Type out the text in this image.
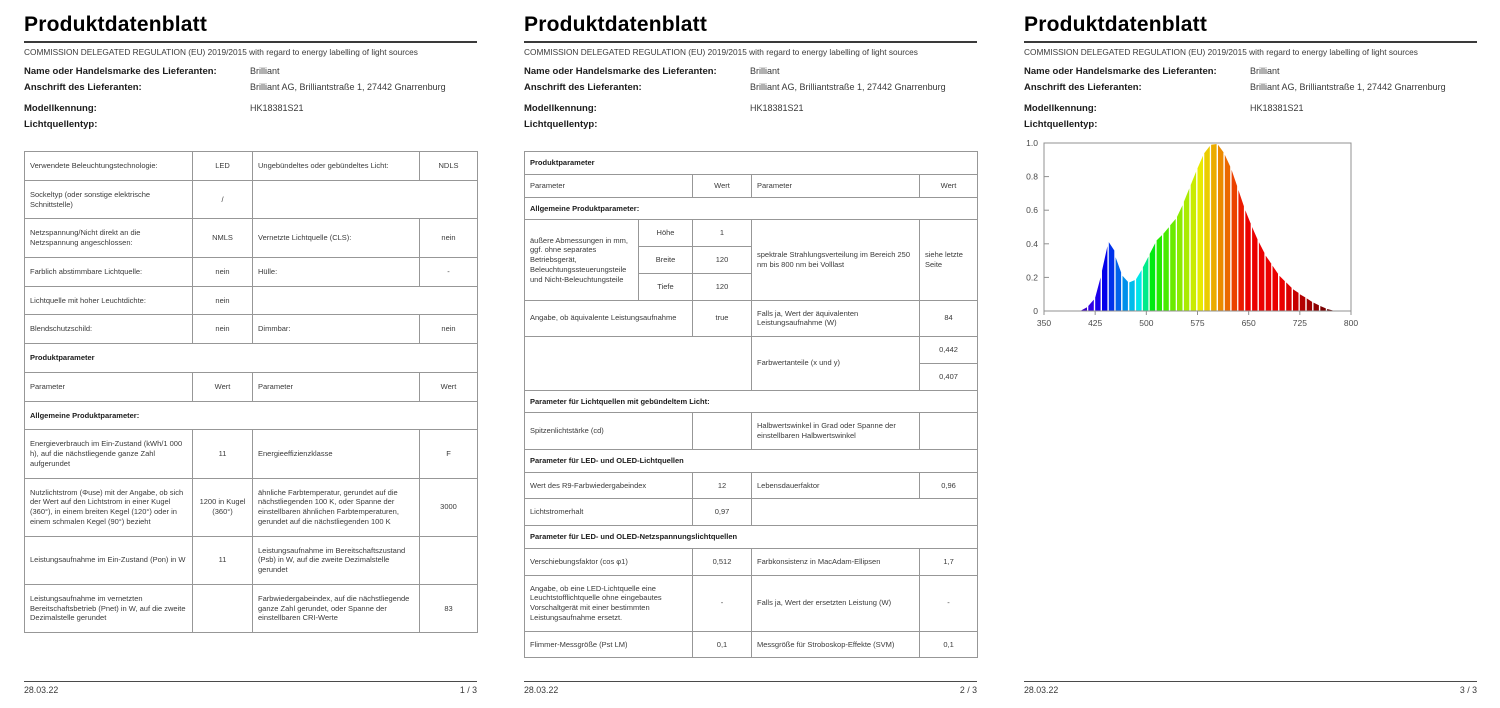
Produktdatenblatt
COMMISSION DELEGATED REGULATION (EU) 2019/2015 with regard to energy labelling of light sources
Name oder Handelsmarke des Lieferanten:	Brilliant
Anschrift des Lieferanten:	Brilliant AG, Brilliantstraße 1, 27442 Gnarrenburg
Modellkennung:	HK18381S21
Lichtquellentyp:
Verwendete Beleuchtungstechnologie:	LED	Ungebündeltes oder gebündeltes Licht:	NDLS
Sockeltyp (oder sonstige elektrische Schnittstelle)	/		
Netzspannung/Nicht direkt an die Netzspannung angeschlossen:	NMLS	Vernetzte Lichtquelle (CLS):	nein
Farblich abstimmbare Lichtquelle:	nein	Hülle:	-
Lichtquelle mit hoher Leuchtdichte:	nein		
Blendschutzschild:	nein	Dimmbar:	nein
Produktparameter			
Parameter	Wert	Parameter	Wert
Allgemeine Produktparameter:			
Energieverbrauch im Ein-Zustand (kWh/1 000 h), auf die nächstliegende ganze Zahl aufgerundet	11	Energieeffizienzklasse	F
Nutzlichtstrom (Φuse) mit der Angabe, ob sich der Wert auf den Lichtstrom in einer Kugel (360°), in einem breiten Kegel (120°) oder in einem schmalen Kegel (90°) bezieht	1200 in Kugel (360°)	ähnliche Farbtemperatur, gerundet auf die nächstliegenden 100 K, oder Spanne der einstellbaren ähnlichen Farbtemperaturen, gerundet auf die nächstliegenden 100 K	3000
Leistungsaufnahme im Ein-Zustand (Pon) in W	11	Leistungsaufnahme im Bereitschaftszustand (Psb) in W, auf die zweite Dezimalstelle gerundet	
Leistungsaufnahme im vernetzten Bereitschaftsbetrieb (Pnet) in W, auf die zweite Dezimalstelle gerundet		Farbwiedergabeindex, auf die nächstliegende ganze Zahl gerundet, oder Spanne der einstellbaren CRI-Werte	83
28.03.22	1 / 3
Produktdatenblatt
COMMISSION DELEGATED REGULATION (EU) 2019/2015 with regard to energy labelling of light sources
Name oder Handelsmarke des Lieferanten:	Brilliant
Anschrift des Lieferanten:	Brilliant AG, Brilliantstraße 1, 27442 Gnarrenburg
Modellkennung:	HK18381S21
Lichtquellentyp:
Produktparameter				
Parameter		Wert	Parameter	Wert
Allgemeine Produktparameter:				
äußere Abmessungen in mm, ggf. ohne separates Betriebsgerät, Beleuchtungssteuerungsteile und Nicht-Beleuchtungsteile	Höhe	1	spektrale Strahlungsverteilung im Bereich 250 nm bis 800 nm bei Volllast	siehe letzte Seite
	Breite	120		
	Tiefe	120		
Angabe, ob äquivalente Leistungsaufnahme		true	Falls ja, Wert der äquivalenten Leistungsaufnahme (W)	84
			Farbwertanteile (x und y)	0,442
				0,407
Parameter für Lichtquellen mit gebündeltem Licht:				
Spitzenlichtstärke (cd)			Halbwertswinkel in Grad oder Spanne der einstellbaren Halbwertswinkel	
Parameter für LED- und OLED-Lichtquellen				
Wert des R9-Farbwiedergabeindex		12	Lebensdauerfaktor	0,96
Lichtstromerhalt		0,97		
Parameter für LED- und OLED-Netzspannungslichtquellen				
Verschiebungsfaktor (cos φ1)		0,512	Farbkonsistenz in MacAdam-Ellipsen	1,7
Angabe, ob eine LED-Lichtquelle eine Leuchtstofflichtquelle ohne eingebautes Vorschaltgerät mit einer bestimmten Leistungsaufnahme ersetzt.		-	Falls ja, Wert der ersetzten Leistung (W)	-
Flimmer-Messgröße (Pst LM)		0,1	Messgröße für Stroboskop-Effekte (SVM)	0,1
28.03.22	2 / 3
Produktdatenblatt
COMMISSION DELEGATED REGULATION (EU) 2019/2015 with regard to energy labelling of light sources
Name oder Handelsmarke des Lieferanten:	Brilliant
Anschrift des Lieferanten:	Brilliant AG, Brilliantstraße 1, 27442 Gnarrenburg
Modellkennung:	HK18381S21
Lichtquellentyp:
0
0.2
0.4
0.6
0.8
1.0
350	425	500	575	650	725	800
28.03.22	3 / 3
